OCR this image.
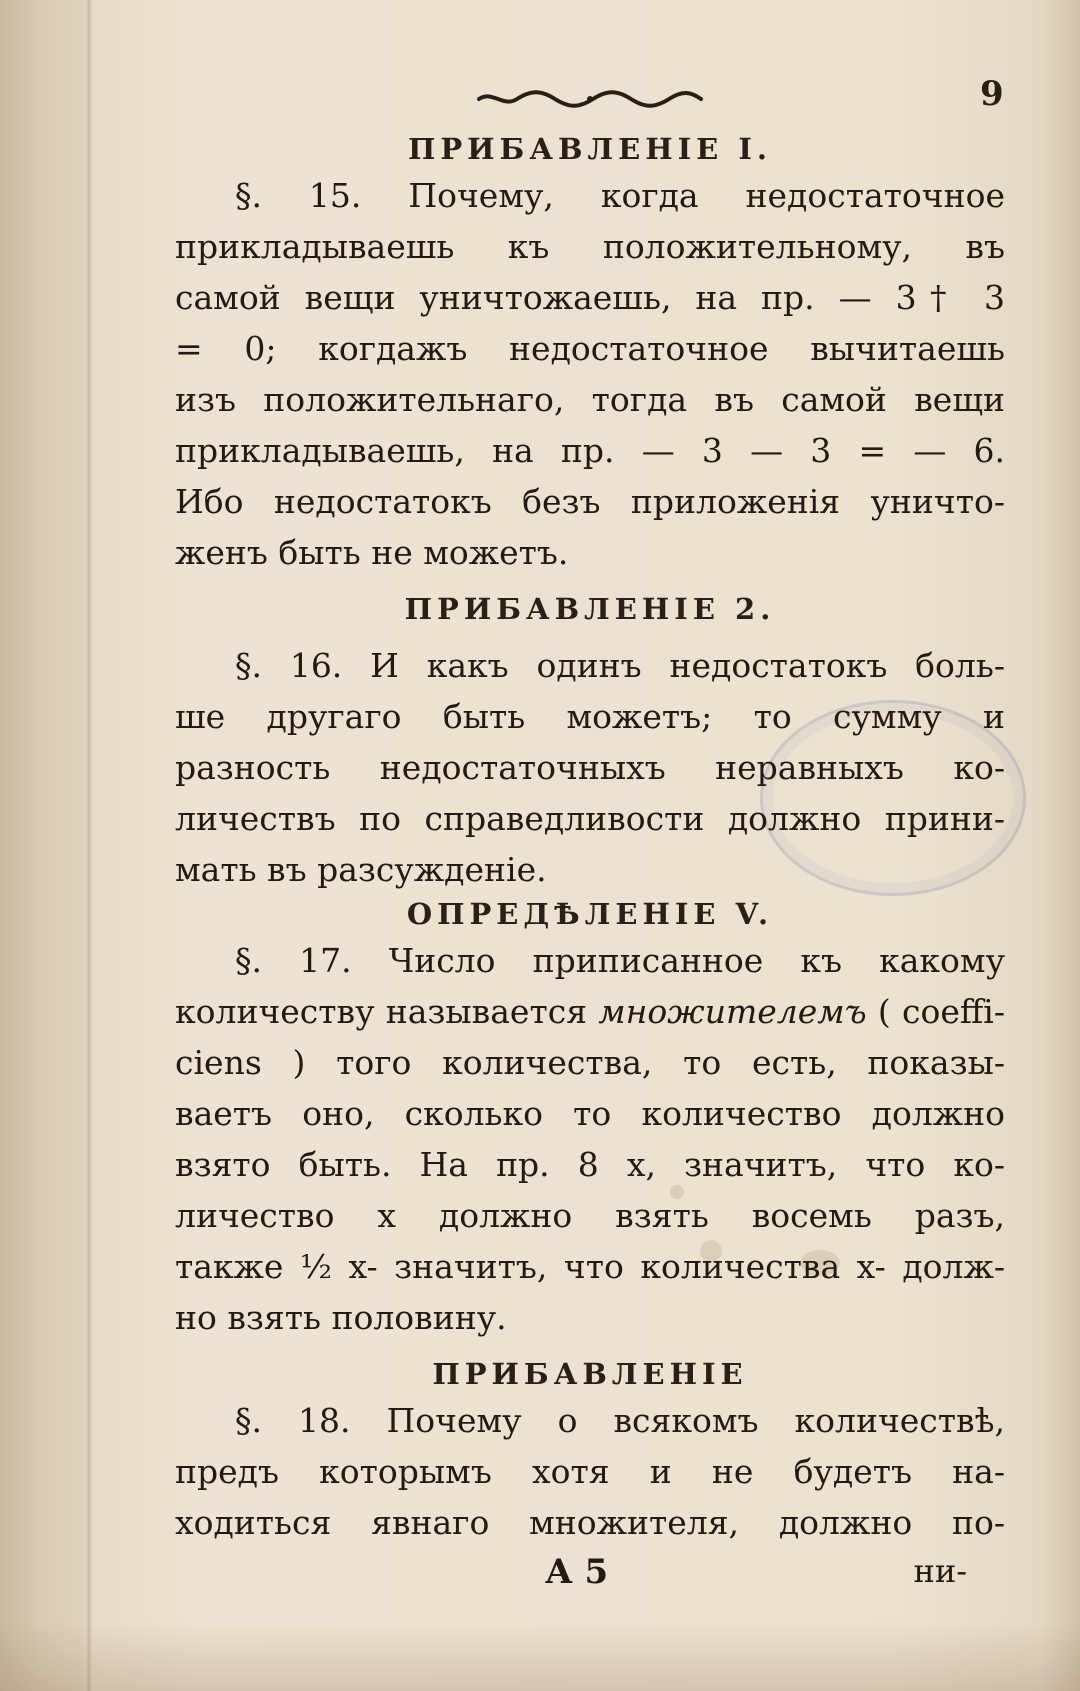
9
ПРИБАВЛЕНІЕ I.
§. 15. Почему, когда недостаточное
прикладываешь къ положительному, въ
самой вещи уничтожаешь, на пр. — 3† 3
= 0; когдажъ недостаточное вычитаешь
изъ положительнаго, тогда въ самой вещи
прикладываешь, на пр. — 3 — 3 = — 6.
Ибо недостатокъ безъ приложенія уничто-
женъ быть не можетъ.
ПРИБАВЛЕНІЕ 2.
§. 16. И какъ одинъ недостатокъ боль-
ше другаго быть можетъ; то сумму и
разность недостаточныхъ неравныхъ ко-
личествъ по справедливости должно прини-
мать въ разсужденіе.
ОПРЕДѢЛЕНІЕ V.
§. 17. Число приписанное къ какому
количеству называется множителемъ ( coeffi-
ciens ) того количества, то есть, показы-
ваетъ оно, сколько то количество должно
взято быть. На пр. 8 x, значитъ, что ко-
личество x должно взять восемь разъ,
также ½ x- значитъ, что количества x- долж-
но взять половину.
ПРИБАВЛЕНІЕ
§. 18. Почему о всякомъ количествѣ,
предъ которымъ хотя и не будетъ на-
ходиться явнаго множителя, должно по-
А 5	ни-
